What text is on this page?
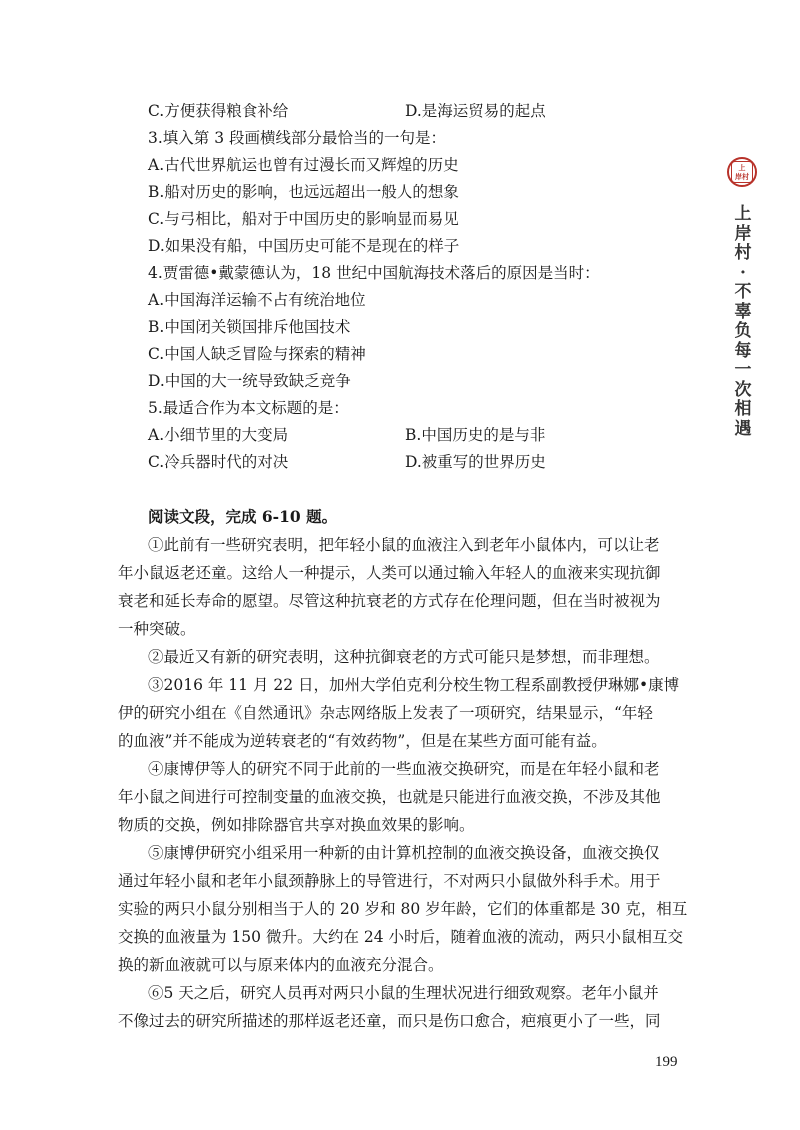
C.方便获得粮食补给
3.填入第 3 段画横线部分最恰当的一句是：
A.古代世界航运也曾有过漫长而又辉煌的历史
B.船对历史的影响，也远远超出一般人的想象
C.与弓相比，船对于中国历史的影响显而易见
D.如果没有船，中国历史可能不是现在的样子
4.贾雷德•戴蒙德认为，18 世纪中国航海技术落后的原因是当时：
A.中国海洋运输不占有统治地位
B.中国闭关锁国排斥他国技术
C.中国人缺乏冒险与探索的精神
D.中国的大一统导致缺乏竞争
5.最适合作为本文标题的是：
A.小细节里的大变局
C.冷兵器时代的对决
①此前有一些研究表明，把年轻小鼠的血液注入到老年小鼠体内，可以让老
年小鼠返老还童。这给人一种提示，人类可以通过输入年轻人的血液来实现抗御
衰老和延长寿命的愿望。尽管这种抗衰老的方式存在伦理问题，但在当时被视为
一种突破。
②最近又有新的研究表明，这种抗御衰老的方式可能只是梦想，而非理想。
③2016 年 11 月 22 日，加州大学伯克利分校生物工程系副教授伊琳娜•康博
伊的研究小组在《自然通讯》杂志网络版上发表了一项研究，结果显示，“年轻
的血液”并不能成为逆转衰老的“有效药物”，但是在某些方面可能有益。
④康博伊等人的研究不同于此前的一些血液交换研究，而是在年轻小鼠和老
年小鼠之间进行可控制变量的血液交换，也就是只能进行血液交换，不涉及其他
物质的交换，例如排除器官共享对换血效果的影响。
⑤康博伊研究小组采用一种新的由计算机控制的血液交换设备，血液交换仅
通过年轻小鼠和老年小鼠颈静脉上的导管进行，不对两只小鼠做外科手术。用于
实验的两只小鼠分别相当于人的 20 岁和 80 岁年龄，它们的体重都是 30 克，相互
交换的血液量为 150 微升。大约在 24 小时后，随着血液的流动，两只小鼠相互交
换的新血液就可以与原来体内的血液充分混合。
⑥5 天之后，研究人员再对两只小鼠的生理状况进行细致观察。老年小鼠并
不像过去的研究所描述的那样返老还童，而只是伤口愈合，疤痕更小了一些，同
D.是海运贸易的起点
B.中国历史的是与非
D.被重写的世界历史
阅读文段，完成 6-10 题。
上
岸村
上岸村·不辜负每一次相遇
199
